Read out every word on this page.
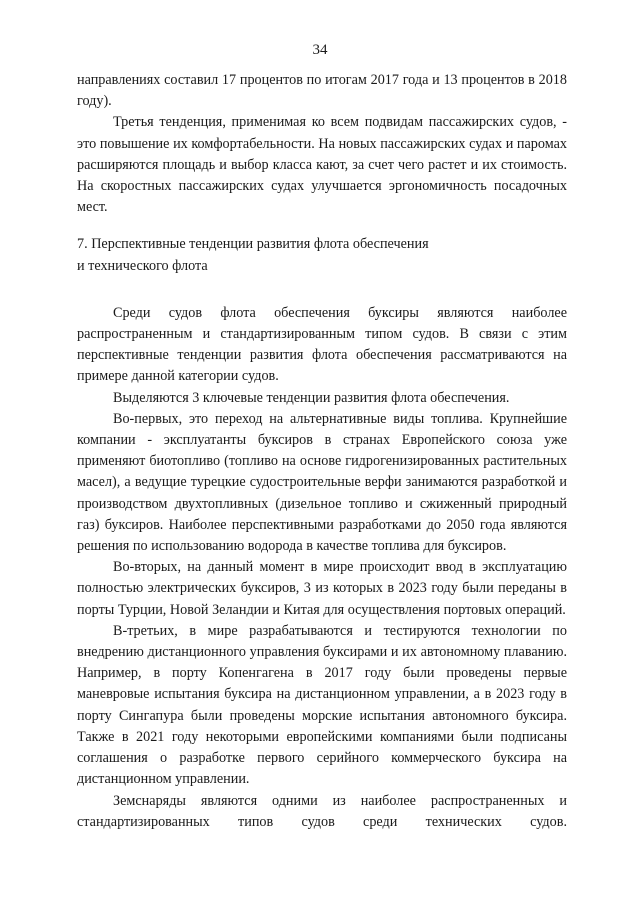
34

направлениях составил 17 процентов по итогам 2017 года и 13 процентов в 2018 году).

Третья тенденция, применимая ко всем подвидам пассажирских судов, - это повышение их комфортабельности. На новых пассажирских судах и паромах расширяются площадь и выбор класса кают, за счет чего растет и их стоимость. На скоростных пассажирских судах улучшается эргономичность посадочных мест.

7. Перспективные тенденции развития флота обеспечения

и технического флота

Среди судов флота обеспечения буксиры являются наиболее распространенным и стандартизированным типом судов. В связи с этим перспективные тенденции развития флота обеспечения рассматриваются на примере данной категории судов.

Выделяются 3 ключевые тенденции развития флота обеспечения.

Во-первых, это переход на альтернативные виды топлива. Крупнейшие компании - эксплуатанты буксиров в странах Европейского союза уже применяют биотопливо (топливо на основе гидрогенизированных растительных масел), а ведущие турецкие судостроительные верфи занимаются разработкой и производством двухтопливных (дизельное топливо и сжиженный природный газ) буксиров. Наиболее перспективными разработками до 2050 года являются решения по использованию водорода в качестве топлива для буксиров.

Во-вторых, на данный момент в мире происходит ввод в эксплуатацию полностью электрических буксиров, 3 из которых в 2023 году были переданы в порты Турции, Новой Зеландии и Китая для осуществления портовых операций.

В-третьих, в мире разрабатываются и тестируются технологии по внедрению дистанционного управления буксирами и их автономному плаванию. Например, в порту Копенгагена в 2017 году были проведены первые маневровые испытания буксира на дистанционном управлении, а в 2023 году в порту Сингапура были проведены морские испытания автономного буксира. Также в 2021 году некоторыми европейскими компаниями были подписаны соглашения о разработке первого серийного коммерческого буксира на дистанционном управлении.

Земснаряды являются одними из наиболее распространенных и стандартизированных типов судов среди технических судов.
